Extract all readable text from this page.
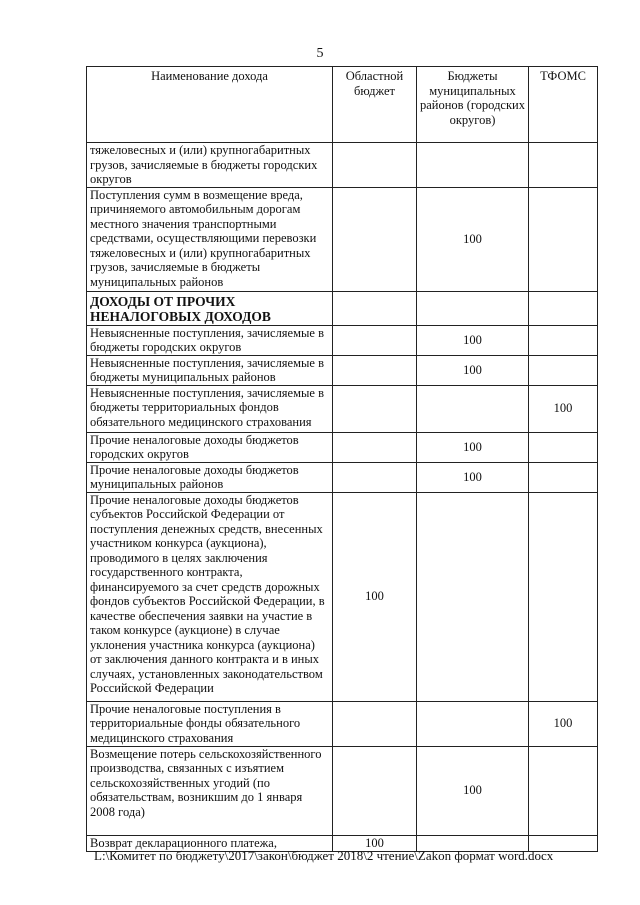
5
Наименование дохода	Областной бюджет	Бюджеты муниципальных районов (городских округов)	ТФОМС
тяжеловесных и (или) крупногабаритных грузов, зачисляемые в бюджеты городских округов			
Поступления сумм в возмещение вреда, причиняемого автомобильным дорогам местного значения транспортными средствами, осуществляющими перевозки тяжеловесных и (или) крупногабаритных грузов, зачисляемые в бюджеты муниципальных районов		100	
ДОХОДЫ ОТ ПРОЧИХ НЕНАЛОГОВЫХ ДОХОДОВ			
Невыясненные поступления, зачисляемые в бюджеты городских округов		100	
Невыясненные поступления, зачисляемые в бюджеты муниципальных районов		100	
Невыясненные поступления, зачисляемые в бюджеты территориальных фондов обязательного медицинского страхования			100
Прочие неналоговые доходы бюджетов городских округов		100	
Прочие неналоговые доходы бюджетов муниципальных районов		100	
Прочие неналоговые доходы бюджетов субъектов Российской Федерации от поступления денежных средств, внесенных участником конкурса (аукциона), проводимого в целях заключения государственного контракта, финансируемого за счет средств дорожных фондов субъектов Российской Федерации, в качестве обеспечения заявки на участие в таком конкурсе (аукционе) в случае уклонения участника конкурса (аукциона) от заключения данного контракта и в иных случаях, установленных законодательством Российской Федерации	100		
Прочие неналоговые поступления в территориальные фонды обязательного медицинского страхования			100
Возмещение потерь сельскохозяйственного производства, связанных с изъятием сельскохозяйственных угодий (по обязательствам, возникшим до 1 января 2008 года)		100	
Возврат декларационного платежа,	100		
L:\Комитет по бюджету\2017\закон\бюджет 2018\2 чтение\Zakon формат word.docx
